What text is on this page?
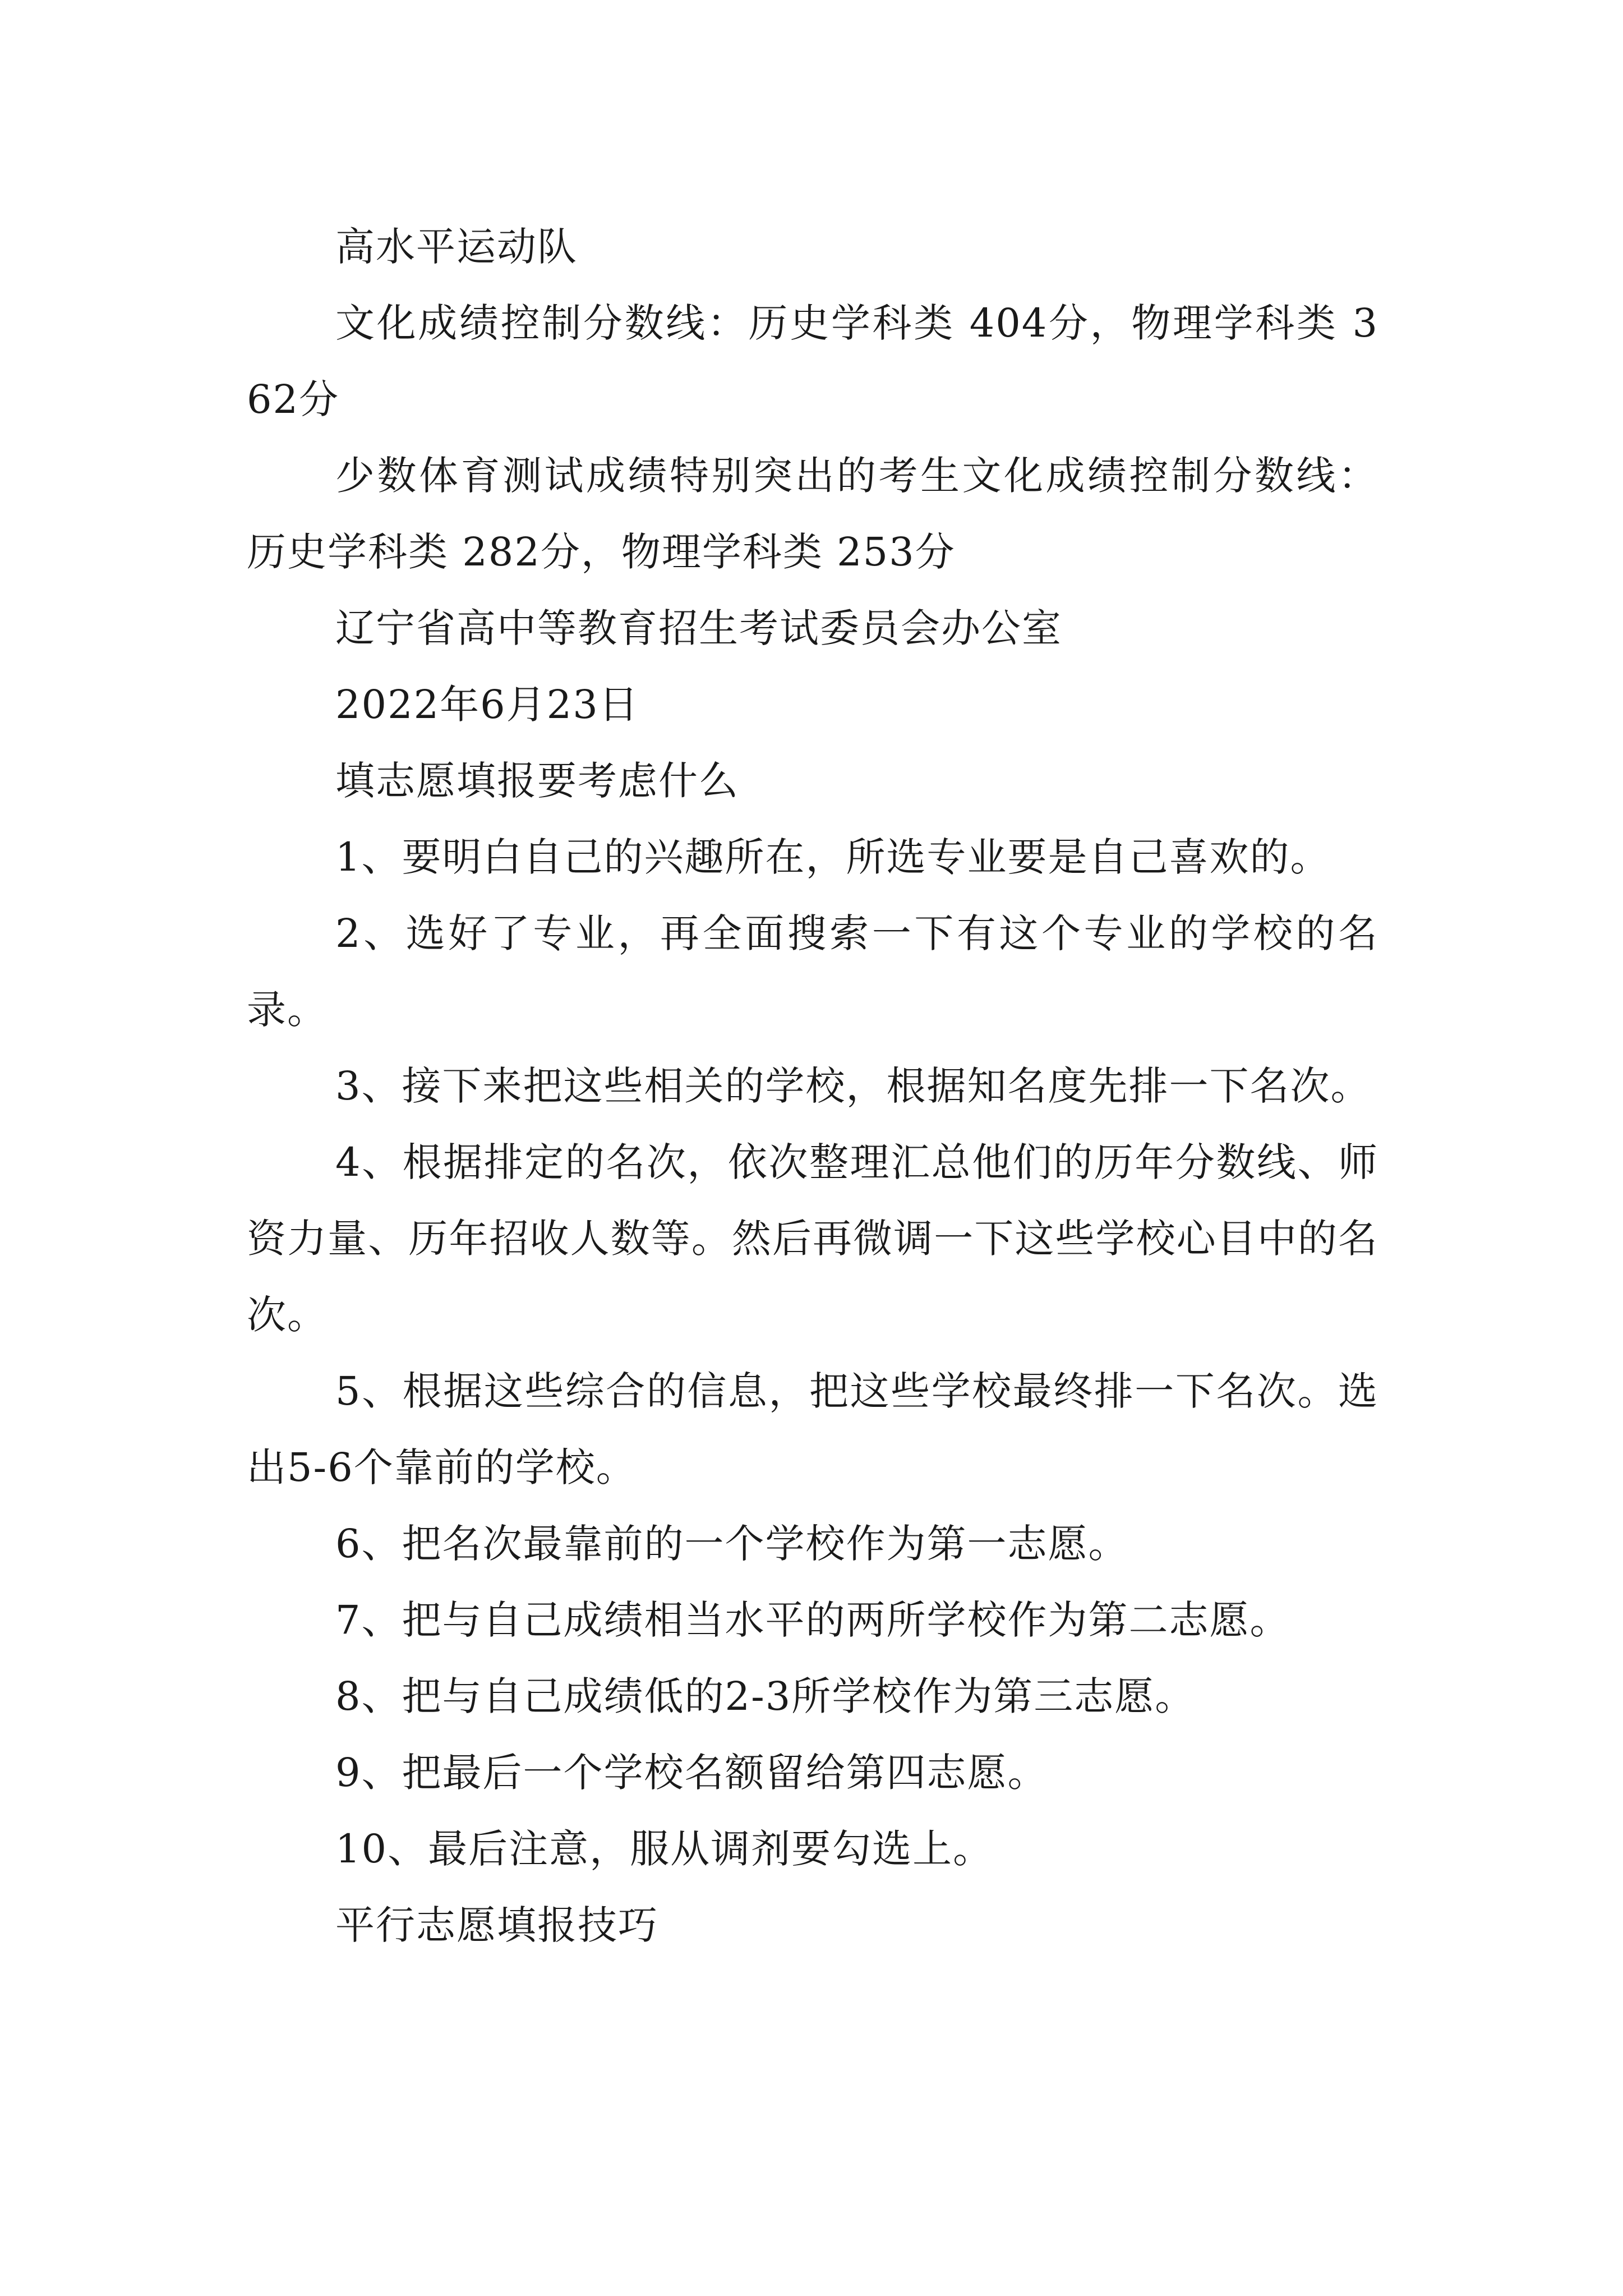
高水平运动队

文化成绩控制分数线：历史学科类 404分，物理学科类 362分

少数体育测试成绩特别突出的考生文化成绩控制分数线：历史学科类 282分，物理学科类 253分

辽宁省高中等教育招生考试委员会办公室

2022年6月23日

填志愿填报要考虑什么

1、要明白自己的兴趣所在，所选专业要是自己喜欢的。

2、选好了专业，再全面搜索一下有这个专业的学校的名录。

3、接下来把这些相关的学校，根据知名度先排一下名次。

4、根据排定的名次，依次整理汇总他们的历年分数线、师资力量、历年招收人数等。然后再微调一下这些学校心目中的名次。

5、根据这些综合的信息，把这些学校最终排一下名次。选出5-6个靠前的学校。

6、把名次最靠前的一个学校作为第一志愿。

7、把与自己成绩相当水平的两所学校作为第二志愿。

8、把与自己成绩低的2-3所学校作为第三志愿。

9、把最后一个学校名额留给第四志愿。

10、最后注意，服从调剂要勾选上。

平行志愿填报技巧
